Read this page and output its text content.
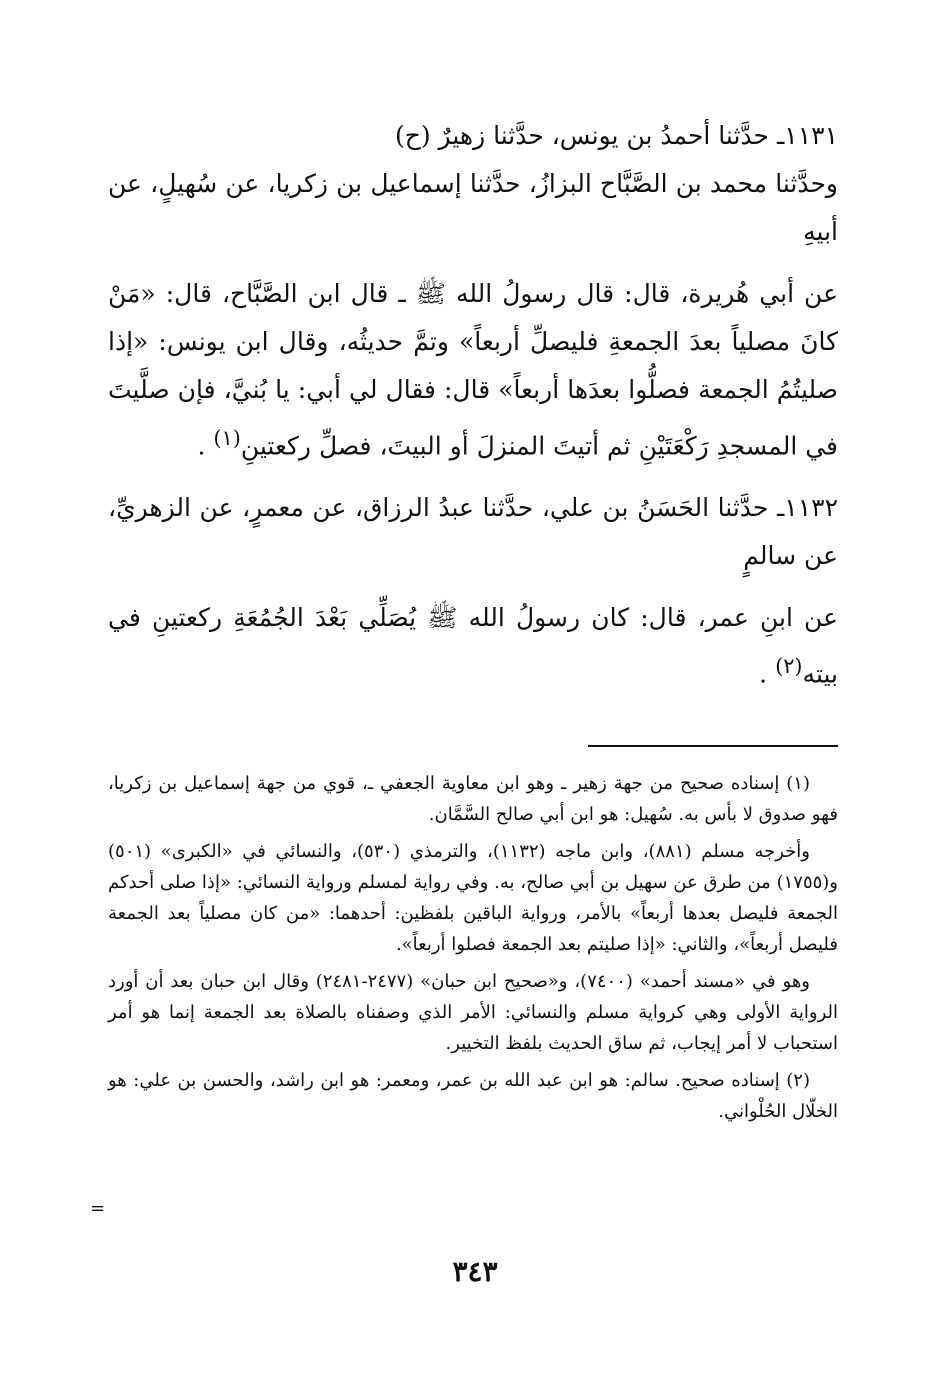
١١٣١ـ حدَّثنا أحمدُ بن يونس، حدَّثنا زهيرٌ (ح)

وحدَّثنا محمد بن الصَّبَّاح البزازُ، حدَّثنا إسماعيل بن زكريا، عن سُهيلٍ، عن أبيهِ

عن أبي هُريرة، قال: قال رسولُ الله ﷺ ـ قال ابن الصَّبَّاح، قال: «مَنْ كانَ مصلياً بعدَ الجمعةِ فليصلِّ أربعاً» وتمَّ حديثُه، وقال ابن يونس: «إذا صليتُمُ الجمعة فصلُّوا بعدَها أربعاً» قال: فقال لي أبي: يا بُنيَّ، فإن صلَّيتَ في المسجدِ رَكْعَتَيْنِ ثم أتيتَ المنزلَ أو البيتَ، فصلِّ ركعتينِ$^{(١)}$ .

١١٣٢ـ حدَّثنا الحَسَنُ بن علي، حدَّثنا عبدُ الرزاق، عن معمرٍ، عن الزهريِّ، عن سالمٍ

عن ابنِ عمر، قال: كان رسولُ الله ﷺ يُصَلِّي بَعْدَ الجُمُعَةِ ركعتينِ في بيته$^{(٢)}$ .

(١) إسناده صحيح من جهة زهير ـ وهو ابن معاوية الجعفي ـ، قوي من جهة إسماعيل بن زكريا، فهو صدوق لا بأس به. سُهيل: هو ابن أبي صالح السَّمَّان.

وأخرجه مسلم (٨٨١)، وابن ماجه (١١٣٢)، والترمذي (٥٣٠)، والنسائي في «الكبرى» (٥٠١) و(١٧٥٥) من طرق عن سهيل بن أبي صالح، به. وفي رواية لمسلم ورواية النسائي: «إذا صلى أحدكم الجمعة فليصل بعدها أربعاً» بالأمر، ورواية الباقين بلفظين: أحدهما: «من كان مصلياً بعد الجمعة فليصل أربعاً»، والثاني: «إذا صليتم بعد الجمعة فصلوا أربعاً».

وهو في «مسند أحمد» (٧٤٠٠)، و«صحيح ابن حبان» (٢٤٧٧-٢٤٨١) وقال ابن حبان بعد أن أورد الرواية الأولى وهي كرواية مسلم والنسائي: الأمر الذي وصفناه بالصلاة بعد الجمعة إنما هو أمر استحباب لا أمر إيجاب، ثم ساق الحديث بلفظ التخيير.

(٢) إسناده صحيح. سالم: هو ابن عبد الله بن عمر، ومعمر: هو ابن راشد، والحسن بن علي: هو الخلّال الحُلْواني.

=
٣٤٣
